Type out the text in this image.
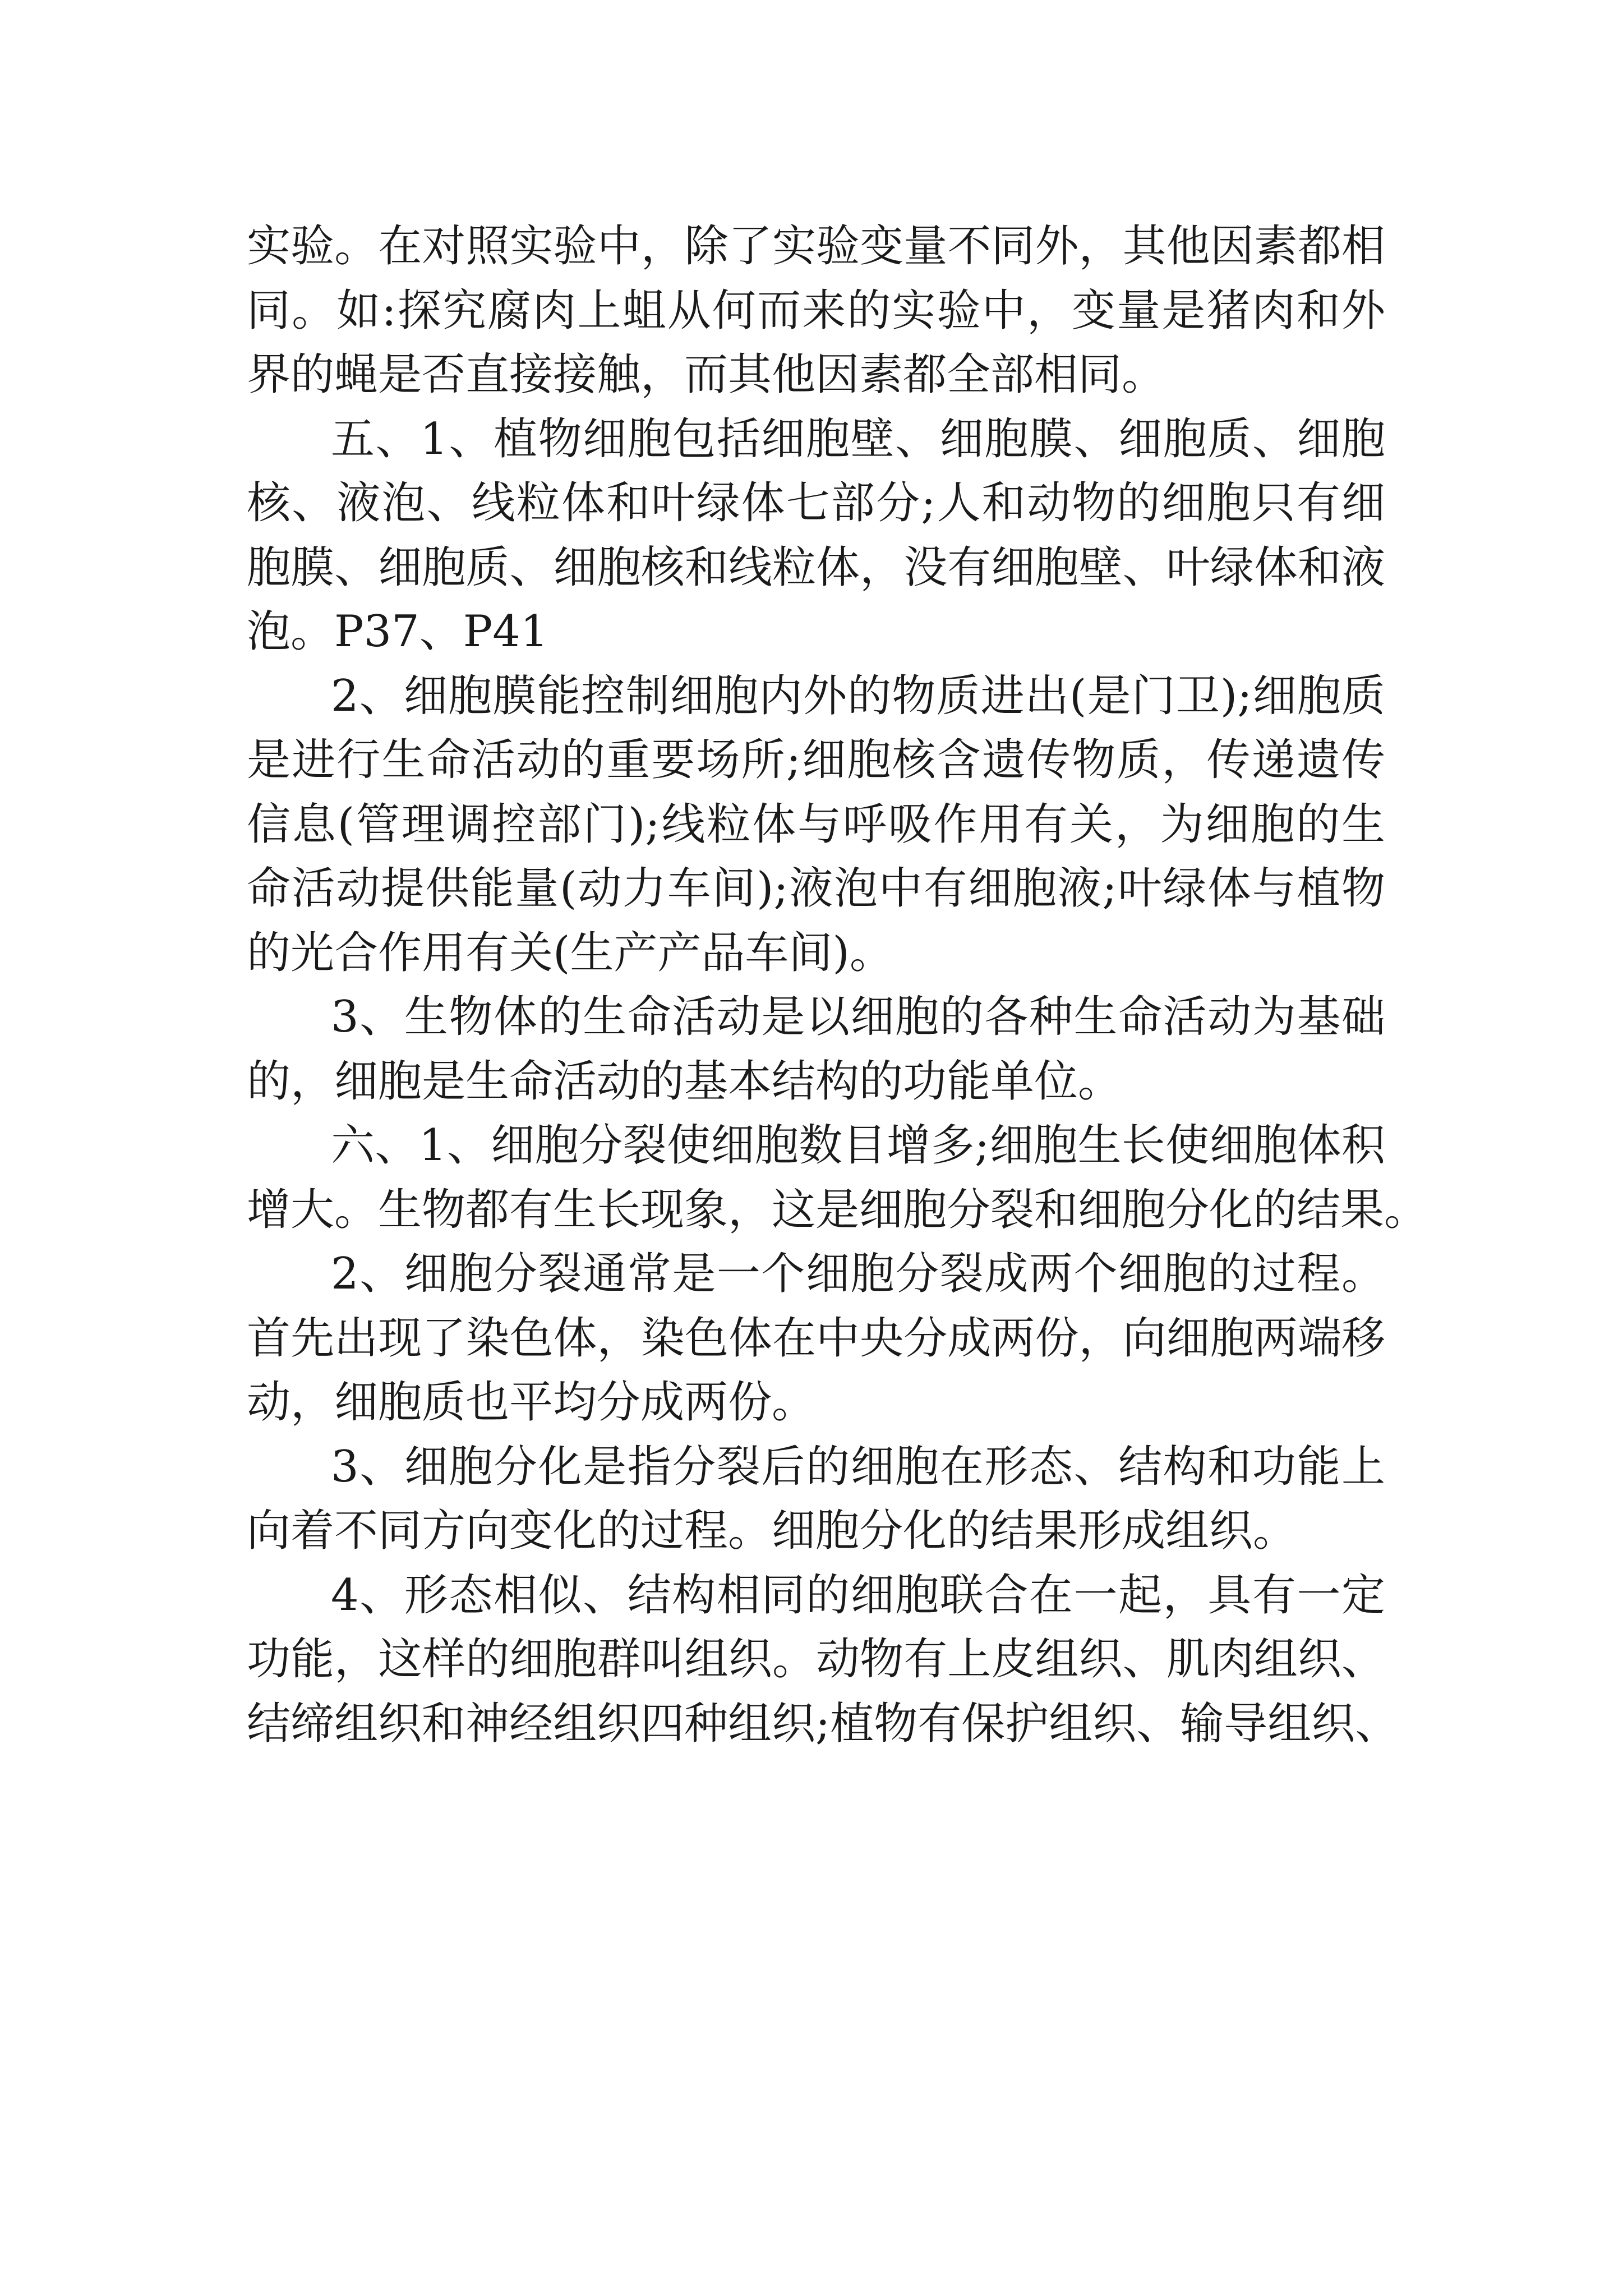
实验。在对照实验中，除了实验变量不同外，其他因素都相
同。如:探究腐肉上蛆从何而来的实验中，变量是猪肉和外
界的蝇是否直接接触，而其他因素都全部相同。
五、1、植物细胞包括细胞壁、细胞膜、细胞质、细胞
核、液泡、线粒体和叶绿体七部分;人和动物的细胞只有细
胞膜、细胞质、细胞核和线粒体，没有细胞壁、叶绿体和液
泡。P37、P41
2、细胞膜能控制细胞内外的物质进出(是门卫);细胞质
是进行生命活动的重要场所;细胞核含遗传物质，传递遗传
信息(管理调控部门);线粒体与呼吸作用有关，为细胞的生
命活动提供能量(动力车间);液泡中有细胞液;叶绿体与植物
的光合作用有关(生产产品车间)。
3、生物体的生命活动是以细胞的各种生命活动为基础
的，细胞是生命活动的基本结构的功能单位。
六、1、细胞分裂使细胞数目增多;细胞生长使细胞体积
增大。生物都有生长现象，这是细胞分裂和细胞分化的结果。
2、细胞分裂通常是一个细胞分裂成两个细胞的过程。
首先出现了染色体，染色体在中央分成两份，向细胞两端移
动，细胞质也平均分成两份。
3、细胞分化是指分裂后的细胞在形态、结构和功能上
向着不同方向变化的过程。细胞分化的结果形成组织。
4、形态相似、结构相同的细胞联合在一起，具有一定
功能，这样的细胞群叫组织。动物有上皮组织、肌肉组织、
结缔组织和神经组织四种组织;植物有保护组织、输导组织、
